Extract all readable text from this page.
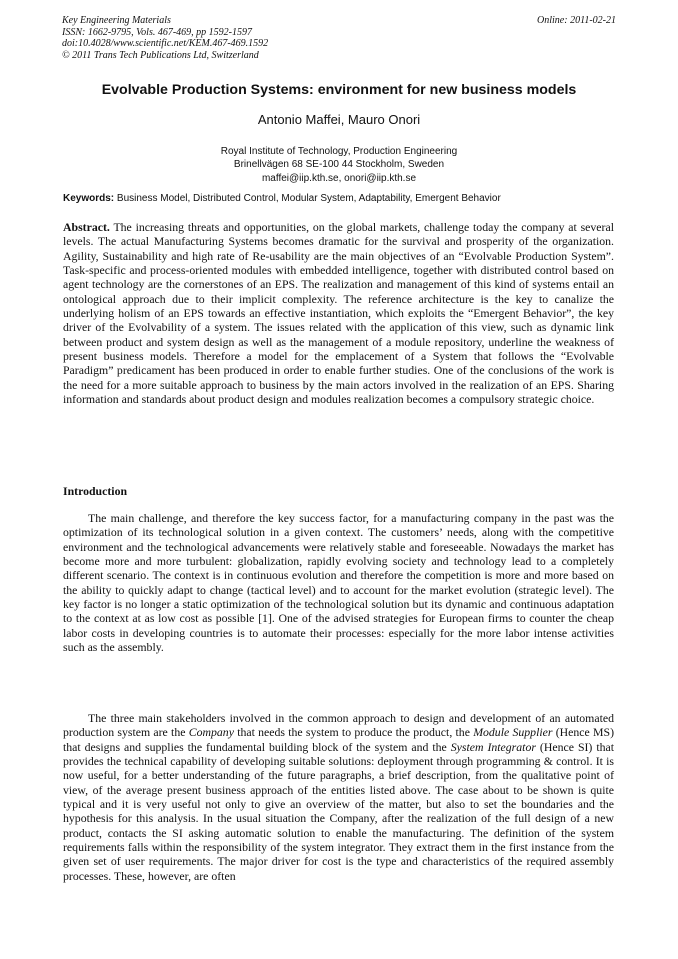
Key Engineering Materials
ISSN: 1662-9795, Vols. 467-469, pp 1592-1597
doi:10.4028/www.scientific.net/KEM.467-469.1592
© 2011 Trans Tech Publications Ltd, Switzerland
Online: 2011-02-21
Evolvable Production Systems: environment for new business models
Antonio Maffei, Mauro Onori
Royal Institute of Technology, Production Engineering
Brinellvägen 68 SE-100 44 Stockholm, Sweden
maffei@iip.kth.se, onori@iip.kth.se
Keywords: Business Model, Distributed Control, Modular System, Adaptability, Emergent Behavior
Abstract. The increasing threats and opportunities, on the global markets, challenge today the company at several levels. The actual Manufacturing Systems becomes dramatic for the survival and prosperity of the organization. Agility, Sustainability and high rate of Re-usability are the main objectives of an “Evolvable Production System”. Task-specific and process-oriented modules with embedded intelligence, together with distributed control based on agent technology are the cornerstones of an EPS. The realization and management of this kind of systems entail an ontological approach due to their implicit complexity. The reference architecture is the key to canalize the underlying holism of an EPS towards an effective instantiation, which exploits the “Emergent Behavior”, the key driver of the Evolvability of a system. The issues related with the application of this view, such as dynamic link between product and system design as well as the management of a module repository, underline the weakness of present business models. Therefore a model for the emplacement of a System that follows the “Evolvable Paradigm” predicament has been produced in order to enable further studies. One of the conclusions of the work is the need for a more suitable approach to business by the main actors involved in the realization of an EPS. Sharing information and standards about product design and modules realization becomes a compulsory strategic choice.
Introduction
The main challenge, and therefore the key success factor, for a manufacturing company in the past was the optimization of its technological solution in a given context. The customers’ needs, along with the competitive environment and the technological advancements were relatively stable and foreseeable. Nowadays the market has become more and more turbulent: globalization, rapidly evolving society and technology lead to a completely different scenario. The context is in continuous evolution and therefore the competition is more and more based on the ability to quickly adapt to change (tactical level) and to account for the market evolution (strategic level). The key factor is no longer a static optimization of the technological solution but its dynamic and continuous adaptation to the context at as low cost as possible [1]. One of the advised strategies for European firms to counter the cheap labor costs in developing countries is to automate their processes: especially for the more labor intense activities such as the assembly.
The three main stakeholders involved in the common approach to design and development of an automated production system are the Company that needs the system to produce the product, the Module Supplier (Hence MS) that designs and supplies the fundamental building block of the system and the System Integrator (Hence SI) that provides the technical capability of developing suitable solutions: deployment through programming & control. It is now useful, for a better understanding of the future paragraphs, a brief description, from the qualitative point of view, of the average present business approach of the entities listed above. The case about to be shown is quite typical and it is very useful not only to give an overview of the matter, but also to set the boundaries and the hypothesis for this analysis. In the usual situation the Company, after the realization of the full design of a new product, contacts the SI asking automatic solution to enable the manufacturing. The definition of the system requirements falls within the responsibility of the system integrator. They extract them in the first instance from the given set of user requirements. The major driver for cost is the type and characteristics of the required assembly processes. These, however, are often
